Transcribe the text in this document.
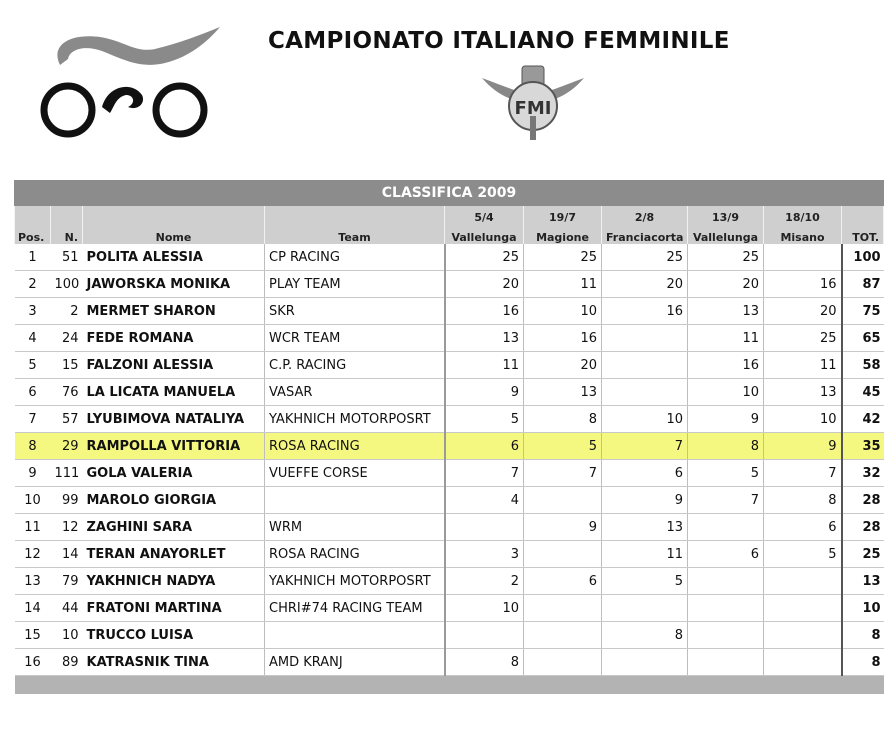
CAMPIONATO ITALIANO FEMMINILE
FMI
CLASSIFICA 2009									
				5/4	19/7	2/8	13/9	18/10	
Pos.	N.	Nome	Team	Vallelunga	Magione	Franciacorta	Vallelunga	Misano	TOT.
1	51	POLITA ALESSIA	CP RACING	25	25	25	25		100
2	100	JAWORSKA MONIKA	PLAY TEAM	20	11	20	20	16	87
3	2	MERMET SHARON	SKR	16	10	16	13	20	75
4	24	FEDE ROMANA	WCR TEAM	13	16		11	25	65
5	15	FALZONI ALESSIA	C.P. RACING	11	20		16	11	58
6	76	LA LICATA MANUELA	VASAR	9	13		10	13	45
7	57	LYUBIMOVA NATALIYA	YAKHNICH MOTORPOSRT	5	8	10	9	10	42
8	29	RAMPOLLA VITTORIA	ROSA RACING	6	5	7	8	9	35
9	111	GOLA VALERIA	VUEFFE CORSE	7	7	6	5	7	32
10	99	MAROLO GIORGIA		4		9	7	8	28
11	12	ZAGHINI SARA	WRM		9	13		6	28
12	14	TERAN ANAYORLET	ROSA RACING	3		11	6	5	25
13	79	YAKHNICH NADYA	YAKHNICH MOTORPOSRT	2	6	5			13
14	44	FRATONI MARTINA	CHRI#74 RACING TEAM	10					10
15	10	TRUCCO LUISA				8			8
16	89	KATRASNIK TINA	AMD KRANJ	8					8
